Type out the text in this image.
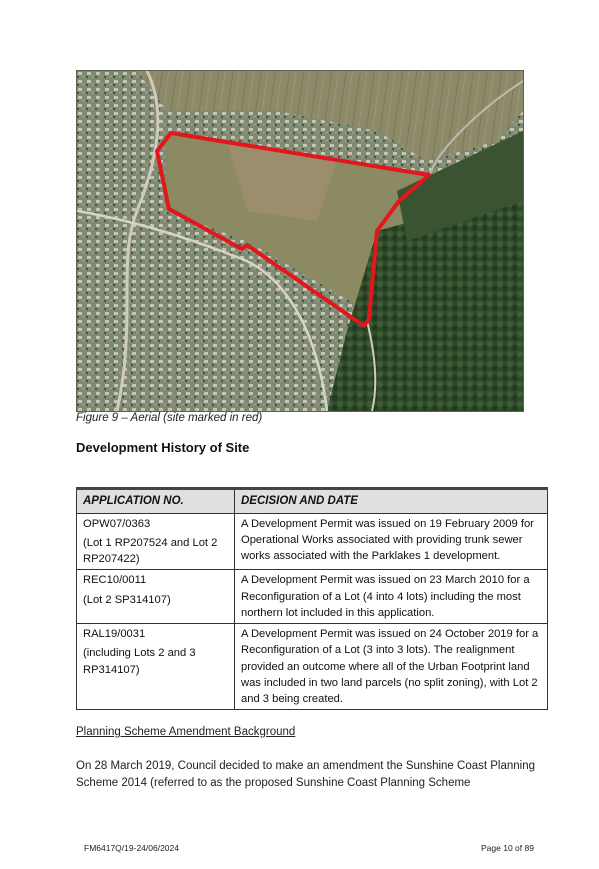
Figure 9 – Aerial (site marked in red)
Development History of Site
APPLICATION NO.	DECISION AND DATE

OPW07/0363
(Lot 1 RP207524 and Lot 2 RP207422)	A Development Permit was issued on 19 February 2009 for Operational Works associated with providing trunk sewer works associated with the Parklakes 1 development.

REC10/0011
(Lot 2 SP314107)	A Development Permit was issued on 23 March 2010 for a Reconfiguration of a Lot (4 into 4 lots) including the most northern lot included in this application.

RAL19/0031
(including Lots 2 and 3 RP314107)	A Development Permit was issued on 24 October 2019 for a Reconfiguration of a Lot (3 into 3 lots). The realignment provided an outcome where all of the Urban Footprint land was included in two land parcels (no split zoning), with Lot 2 and 3 being created.
Planning Scheme Amendment Background
On 28 March 2019, Council decided to make an amendment the Sunshine Coast Planning Scheme 2014 (referred to as the proposed Sunshine Coast Planning Scheme
FM6417Q/19-24/06/2024	Page 10 of 89
